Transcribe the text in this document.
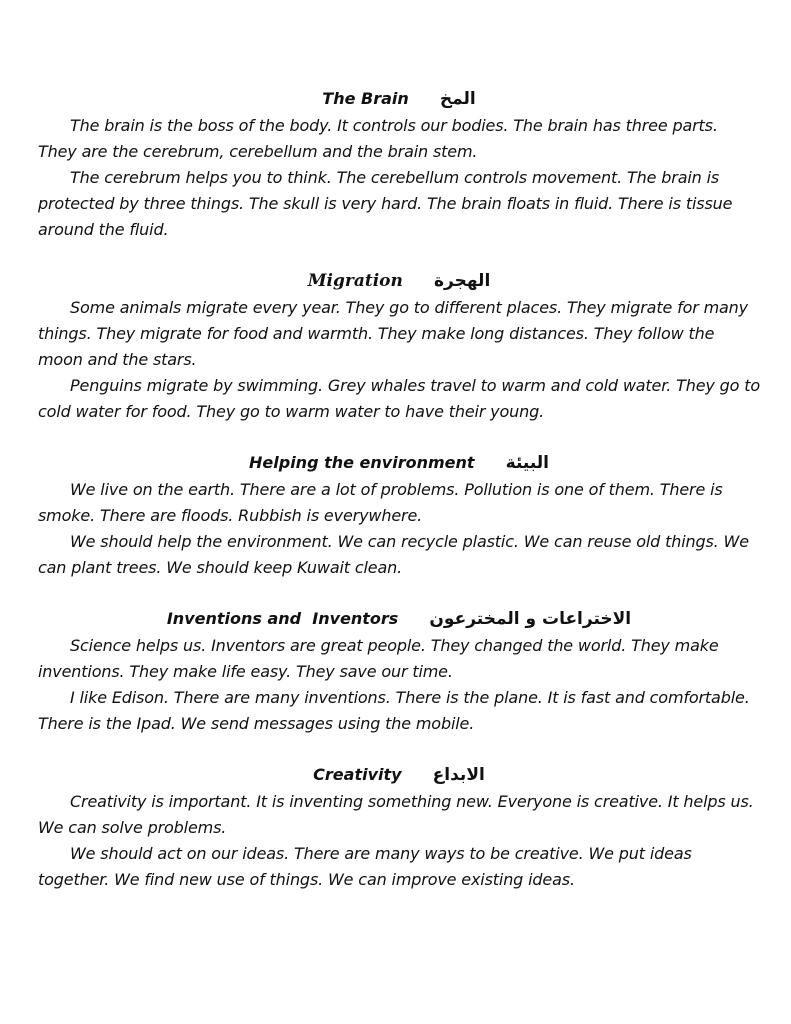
The Brain المخ

The brain is the boss of the body. It controls our bodies. The brain has three parts. They are the cerebrum, cerebellum and the brain stem.

The cerebrum helps you to think. The cerebellum controls movement. The brain is protected by three things. The skull is very hard. The brain floats in fluid. There is tissue around the fluid.

Migration الهجرة

Some animals migrate every year. They go to different places. They migrate for many things. They migrate for food and warmth. They make long distances. They follow the moon and the stars.

Penguins migrate by swimming. Grey whales travel to warm and cold water. They go to cold water for food. They go to warm water to have their young.

Helping the environment البيئة

We live on the earth. There are a lot of problems. Pollution is one of them. There is smoke. There are floods. Rubbish is everywhere.

We should help the environment. We can recycle plastic. We can reuse old things. We can plant trees. We should keep Kuwait clean.

Inventions and  Inventors الاختراعات و المخترعون

Science helps us. Inventors are great people. They changed the world. They make inventions. They make life easy. They save our time.

I like Edison. There are many inventions. There is the plane. It is fast and comfortable. There is the Ipad. We send messages using the mobile.

Creativity الابداع

Creativity is important. It is inventing something new. Everyone is creative. It helps us. We can solve problems.

We should act on our ideas. There are many ways to be creative. We put ideas together. We find new use of things. We can improve existing ideas.
